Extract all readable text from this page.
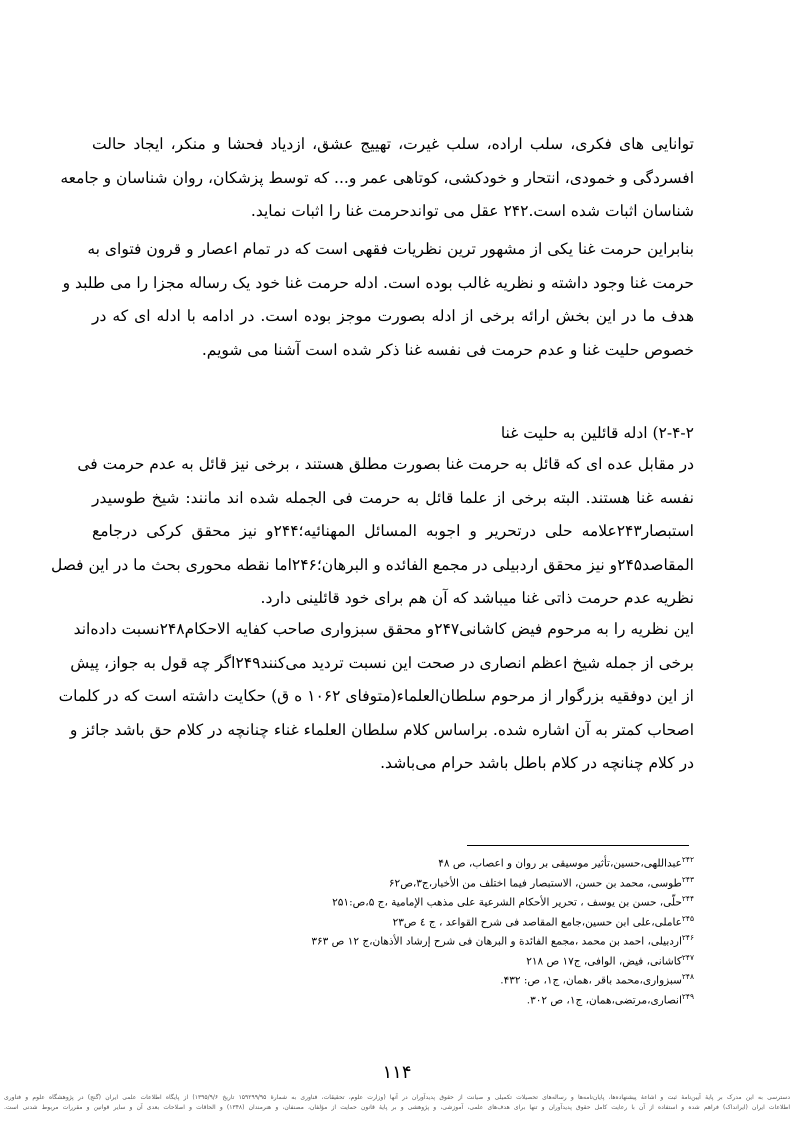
توانایی های فکری، سلب اراده، سلب غیرت، تهییج عشق، ازدیاد فحشا و منکر، ایجاد حالت
افسردگی و خمودی، انتحار و خودکشی، کوتاهی عمر و... که توسط پزشکان، روان شناسان و جامعه
شناسان اثبات شده است.۲۴۲ عقل می تواندحرمت غنا را اثبات نماید.
بنابراین حرمت غنا یکی از مشهور ترین نظریات فقهی است که در تمام اعصار و قرون فتوای به
حرمت غنا وجود داشته و نظریه غالب بوده است. ادله حرمت غنا خود یک رساله مجزا را می طلبد و
هدف ما در این بخش ارائه برخی از ادله بصورت موجز بوده است. در ادامه با ادله ای که در
خصوص حلیت غنا و عدم حرمت فی نفسه غنا ذکر شده است آشنا می شویم.
۲-۴-۲) ادله قائلین به حلیت غنا
در مقابل عده ای که قائل به حرمت غنا بصورت مطلق هستند ، برخی نیز قائل به عدم حرمت فی
نفسه غنا هستند. البته برخی از علما قائل به حرمت فی الجمله شده اند مانند: شیخ طوسیدر
استبصار۲۴۳علامه حلی درتحریر و اجوبه المسائل المهنائیه؛۲۴۴و نیز محقق کرکی درجامع
المقاصد۲۴۵و نیز محقق اردبیلی در مجمع الفائده و البرهان؛۲۴۶اما نقطه محوری بحث ما در این فصل
نظریه عدم حرمت ذاتی غنا میباشد که آن هم برای خود قائلینی دارد.
این نظریه را به مرحوم فیض کاشانی۲۴۷و محقق سبزواری صاحب کفایه الاحکام۲۴۸نسبت داده‌اند
برخی از جمله شیخ اعظم انصاری در صحت این نسبت تردید می‌کنند۲۴۹اگر چه قول به جواز، پیش
از این دوفقیه بزرگوار از مرحوم سلطان‌العلماء(متوفای ۱۰۶۲ ه ق) حکایت داشته است که در کلمات
اصحاب کمتر به آن اشاره شده. براساس کلام سلطان العلماء غناء چنانچه در کلام حق باشد جائز و
در کلام چنانچه در کلام باطل باشد حرام می‌باشد.
$^{۲۴۲}$عبداللهی،حسین،تأثیر موسیقی بر روان و اعصاب، ص ۴۸
$^{۲۴۳}$طوسی، محمد بن حسن، الاستبصار فیما اختلف من الأخبار،ج۳،ص۶۲
$^{۲۴۴}$حلّی، حسن بن یوسف ، تحریر الأحکام الشرعیة علی مذهب الإمامیة ،ج ۵،ص:۲۵۱
$^{۲۴۵}$عاملی،علی ابن حسین،جامع المقاصد فی شرح القواعد ، ج ٤ ص۲۳
$^{۲۴۶}$اردبیلی، احمد بن محمد ،مجمع الفائدة و البرهان فی شرح إرشاد الأذهان،ج ۱۲ ص ۳۶۳
$^{۲۴۷}$کاشانی، فیض، الوافی، ج۱۷ ص ۲۱۸
$^{۲۴۸}$سبزواری،محمد باقر ،همان، ج۱، ص: ۴۳۲.
$^{۲۴۹}$انصاری،مرتضی،همان، ج۱، ص ۳۰۲.
۱۱۴
دسترسی به این مدرک بر پایهٔ آیین‌نامهٔ ثبت و اشاعهٔ پیشنهاده‌ها، پایان‌نامه‌ها و رساله‌های تحصیلات تکمیلی و صیانت از حقوق پدیدآوران در آنها (وزارت علوم، تحقیقات، فناوری به شمارهٔ ۱۵۹۲۹۹/۹۵ تاریخ ۱۳۹۵/۹/۶) از پایگاه اطلاعات علمی ایران (گنج) در پژوهشگاه علوم و فناوری
اطلاعات ایران (ایرانداک) فراهم شده و استفاده از آن با رعایت کامل حقوق پدیدآوران و تنها برای هدف‌های علمی، آموزشی، و پژوهشی و بر پایهٔ قانون حمایت از مؤلفان، مصنفان، و هنرمندان (۱۳۴۸) و الحاقات و اصلاحات بعدی آن و سایر قوانین و مقررات مربوط شدنی است.
